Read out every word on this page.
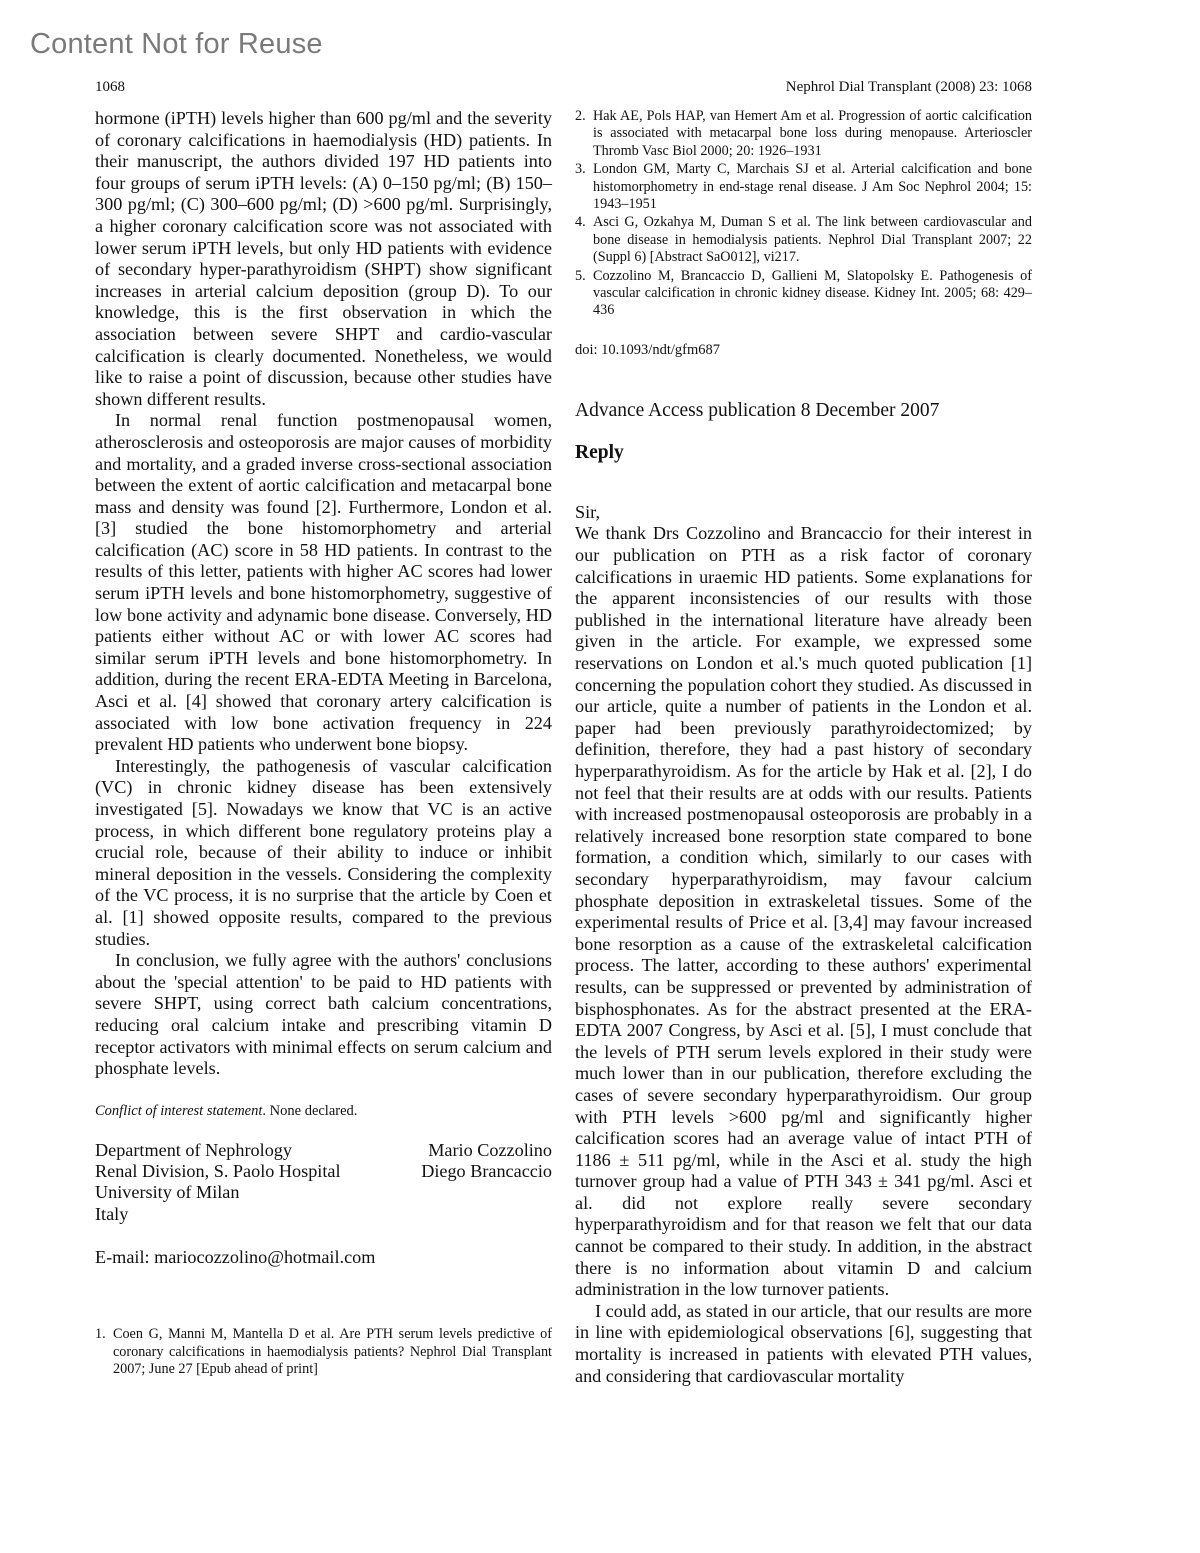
Content Not for Reuse
1068	Nephrol Dial Transplant (2008) 23: 1068

hormone (iPTH) levels higher than 600 pg/ml and the severity of coronary calcifications in haemodialysis (HD) patients. In their manuscript, the authors divided 197 HD patients into four groups of serum iPTH levels: (A) 0–150 pg/ml; (B) 150–300 pg/ml; (C) 300–600 pg/ml; (D) >600 pg/ml. Surprisingly, a higher coronary calcification score was not associated with lower serum iPTH levels, but only HD patients with evidence of secondary hyper-parathyroidism (SHPT) show significant increases in arterial calcium deposition (group D). To our knowledge, this is the first observation in which the association between severe SHPT and cardio-vascular calcification is clearly documented. Nonetheless, we would like to raise a point of discussion, because other studies have shown different results.

In normal renal function postmenopausal women, atherosclerosis and osteoporosis are major causes of morbidity and mortality, and a graded inverse cross-sectional association between the extent of aortic calcification and metacarpal bone mass and density was found [2]. Furthermore, London et al. [3] studied the bone histomorphometry and arterial calcification (AC) score in 58 HD patients. In contrast to the results of this letter, patients with higher AC scores had lower serum iPTH levels and bone histomorphometry, suggestive of low bone activity and adynamic bone disease. Conversely, HD patients either without AC or with lower AC scores had similar serum iPTH levels and bone histomorphometry. In addition, during the recent ERA-EDTA Meeting in Barcelona, Asci et al. [4] showed that coronary artery calcification is associated with low bone activation frequency in 224 prevalent HD patients who underwent bone biopsy.

Interestingly, the pathogenesis of vascular calcification (VC) in chronic kidney disease has been extensively investigated [5]. Nowadays we know that VC is an active process, in which different bone regulatory proteins play a crucial role, because of their ability to induce or inhibit mineral deposition in the vessels. Considering the complexity of the VC process, it is no surprise that the article by Coen et al. [1] showed opposite results, compared to the previous studies.

In conclusion, we fully agree with the authors' conclusions about the 'special attention' to be paid to HD patients with severe SHPT, using correct bath calcium concentrations, reducing oral calcium intake and prescribing vitamin D receptor activators with minimal effects on serum calcium and phosphate levels.

Conflict of interest statement. None declared.
Department of Nephrology
Renal Division, S. Paolo Hospital
University of Milan
Italy
Mario Cozzolino
Diego Brancaccio
E-mail: mariocozzolino@hotmail.com
1. Coen G, Manni M, Mantella D et al. Are PTH serum levels predictive of coronary calcifications in haemodialysis patients? Nephrol Dial Transplant 2007; June 27 [Epub ahead of print]
2. Hak AE, Pols HAP, van Hemert Am et al. Progression of aortic calcification is associated with metacarpal bone loss during menopause. Arterioscler Thromb Vasc Biol 2000; 20: 1926–1931
3. London GM, Marty C, Marchais SJ et al. Arterial calcification and bone histomorphometry in end-stage renal disease. J Am Soc Nephrol 2004; 15: 1943–1951
4. Asci G, Ozkahya M, Duman S et al. The link between cardiovascular and bone disease in hemodialysis patients. Nephrol Dial Transplant 2007; 22 (Suppl 6) [Abstract SaO012], vi217.
5. Cozzolino M, Brancaccio D, Gallieni M, Slatopolsky E. Pathogenesis of vascular calcification in chronic kidney disease. Kidney Int. 2005; 68: 429–436
doi: 10.1093/ndt/gfm687
Advance Access publication 8 December 2007
Reply
Sir,

We thank Drs Cozzolino and Brancaccio for their interest in our publication on PTH as a risk factor of coronary calcifications in uraemic HD patients. Some explanations for the apparent inconsistencies of our results with those published in the international literature have already been given in the article. For example, we expressed some reservations on London et al.'s much quoted publication [1] concerning the population cohort they studied. As discussed in our article, quite a number of patients in the London et al. paper had been previously parathyroidectomized; by definition, therefore, they had a past history of secondary hyperparathyroidism. As for the article by Hak et al. [2], I do not feel that their results are at odds with our results. Patients with increased postmenopausal osteoporosis are probably in a relatively increased bone resorption state compared to bone formation, a condition which, similarly to our cases with secondary hyperparathyroidism, may favour calcium phosphate deposition in extraskeletal tissues. Some of the experimental results of Price et al. [3,4] may favour increased bone resorption as a cause of the extraskeletal calcification process. The latter, according to these authors' experimental results, can be suppressed or prevented by administration of bisphosphonates. As for the abstract presented at the ERA-EDTA 2007 Congress, by Asci et al. [5], I must conclude that the levels of PTH serum levels explored in their study were much lower than in our publication, therefore excluding the cases of severe secondary hyperparathyroidism. Our group with PTH levels >600 pg/ml and significantly higher calcification scores had an average value of intact PTH of 1186 ± 511 pg/ml, while in the Asci et al. study the high turnover group had a value of PTH 343 ± 341 pg/ml. Asci et al. did not explore really severe secondary hyperparathyroidism and for that reason we felt that our data cannot be compared to their study. In addition, in the abstract there is no information about vitamin D and calcium administration in the low turnover patients.

I could add, as stated in our article, that our results are more in line with epidemiological observations [6], suggesting that mortality is increased in patients with elevated PTH values, and considering that cardiovascular mortality
